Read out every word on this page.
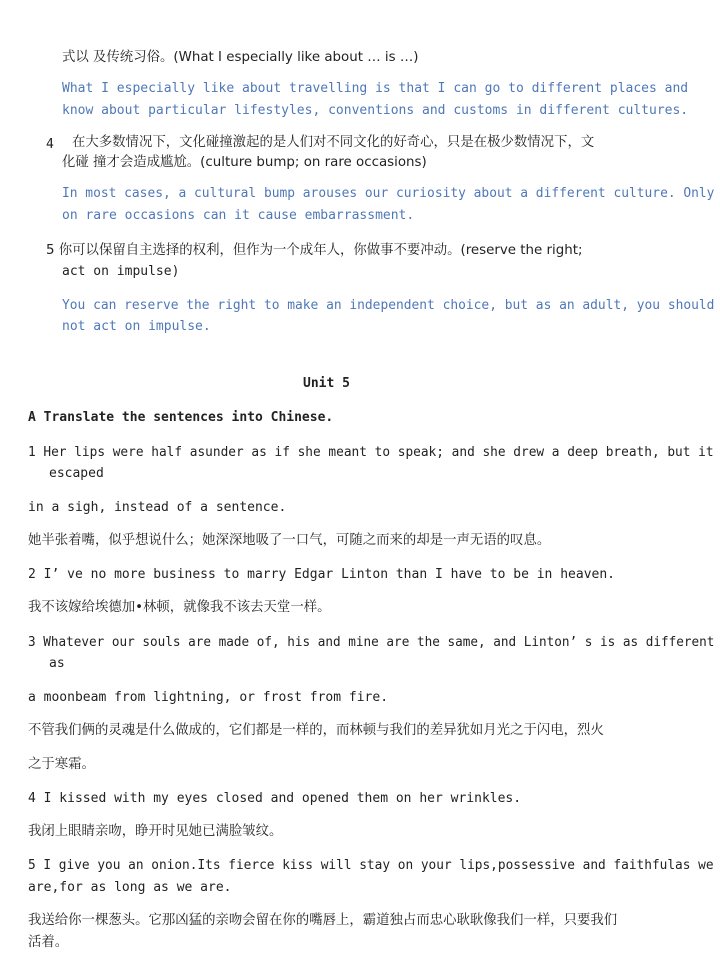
式以 及传统习俗。(What I especially like about … is …)
What I especially like about travelling is that I can go to different places and
know about particular lifestyles, conventions and customs in different cultures.
4 在大多数情况下，文化碰撞激起的是人们对不同文化的好奇心，只是在极少数情况下，文
化碰 撞才会造成尴尬。(culture bump; on rare occasions)
In most cases, a cultural bump arouses our curiosity about a different culture. Only
on rare occasions can it cause embarrassment.
5 你可以保留自主选择的权利，但作为一个成年人，你做事不要冲动。(reserve the right;
act on impulse)
You can reserve the right to make an independent choice, but as an adult, you should
not act on impulse.
Unit 5
A Translate the sentences into Chinese.
1 Her lips were half asunder as if she meant to speak; and she drew a deep breath, but it
escaped
in a sigh, instead of a sentence.
她半张着嘴，似乎想说什么；她深深地吸了一口气，可随之而来的却是一声无语的叹息。
2 I’ ve no more business to marry Edgar Linton than I have to be in heaven.
我不该嫁给埃德加•林顿，就像我不该去天堂一样。
3 Whatever our souls are made of, his and mine are the same, and Linton’ s is as different
as
a moonbeam from lightning, or frost from fire.
不管我们俩的灵魂是什么做成的，它们都是一样的，而林顿与我们的差异犹如月光之于闪电，烈火
之于寒霜。
4 I kissed with my eyes closed and opened them on her wrinkles.
我闭上眼睛亲吻，睁开时见她已满脸皱纹。
5 I give you an onion.Its fierce kiss will stay on your lips,possessive and faithfulas we
are,for as long as we are.
我送给你一棵葱头。它那凶猛的亲吻会留在你的嘴唇上，霸道独占而忠心耿耿像我们一样，只要我们
活着。
